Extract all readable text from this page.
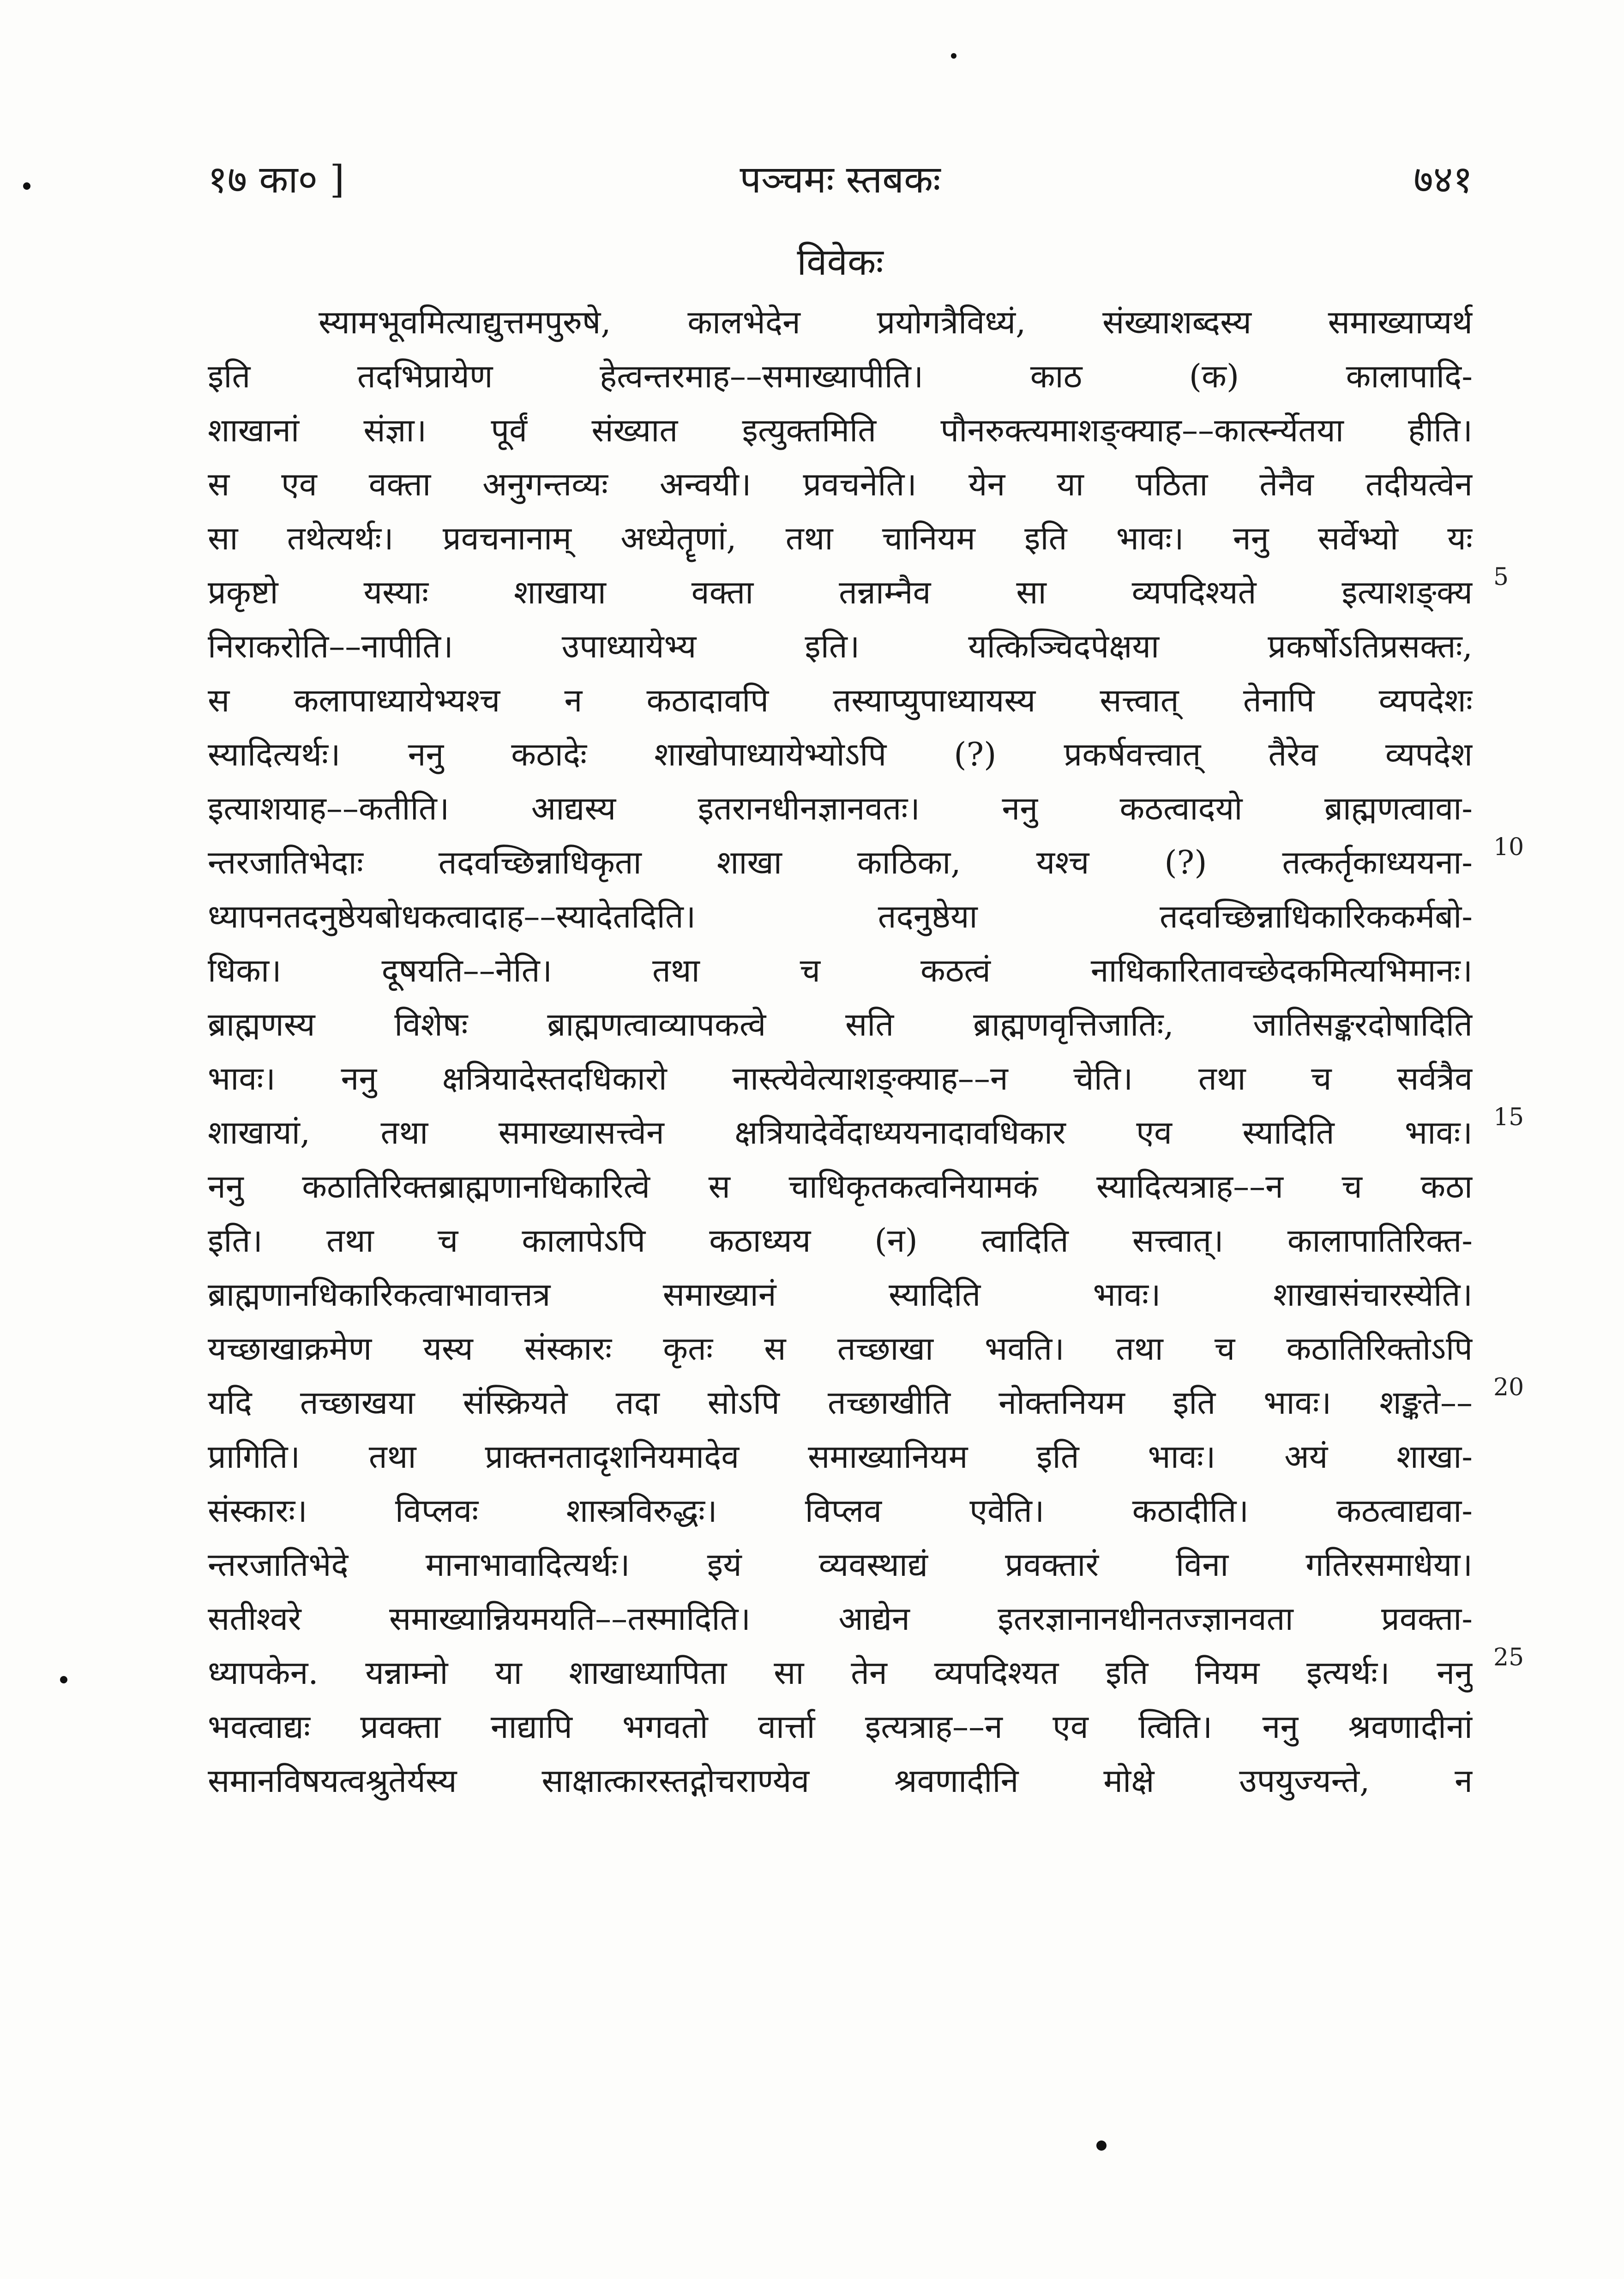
१७ का० ]	पञ्चमः स्तबकः	७४१
विवेकः
स्यामभूवमित्याद्युत्तमपुरुषे, कालभेदेन प्रयोगत्रैविध्यं, संख्याशब्दस्य समाख्याप्यर्थ
इति तदभिप्रायेण हेत्वन्तरमाह––समाख्यापीति। काठ (क) कालापादि-
शाखानां संज्ञा। पूर्वं संख्यात इत्युक्तमिति पौनरुक्त्यमाशङ्क्याह––कार्त्स्न्येतया हीति।
स एव वक्ता अनुगन्तव्यः अन्वयी। प्रवचनेति। येन या पठिता तेनैव तदीयत्वेन
सा तथेत्यर्थः। प्रवचनानाम् अध्येतॄणां, तथा चानियम इति भावः। ननु सर्वेभ्यो यः
प्रकृष्टो यस्याः शाखाया वक्ता तन्नाम्नैव सा व्यपदिश्यते इत्याशङ्क्य
निराकरोति––नापीति। उपाध्यायेभ्य इति। यत्किञ्चिदपेक्षया प्रकर्षोऽतिप्रसक्तः,
स कलापाध्यायेभ्यश्च न कठादावपि तस्याप्युपाध्यायस्य सत्त्वात् तेनापि व्यपदेशः
स्यादित्यर्थः। ननु कठादेः शाखोपाध्यायेभ्योऽपि (?) प्रकर्षवत्त्वात् तैरेव व्यपदेश
इत्याशयाह––कतीति। आद्यस्य इतरानधीनज्ञानवतः। ननु कठत्वादयो ब्राह्मणत्वावा-
न्तरजातिभेदाः तदवच्छिन्नाधिकृता शाखा काठिका, यश्च (?) तत्कर्तृकाध्ययना-
ध्यापनतदनुष्ठेयबोधकत्वादाह––स्यादेतदिति। तदनुष्ठेया तदवच्छिन्नाधिकारिककर्मबो-
धिका। दूषयति––नेति। तथा च कठत्वं नाधिकारितावच्छेदकमित्यभिमानः।
ब्राह्मणस्य विशेषः ब्राह्मणत्वाव्यापकत्वे सति ब्राह्मणवृत्तिजातिः, जातिसङ्करदोषादिति
भावः। ननु क्षत्रियादेस्तदधिकारो नास्त्येवेत्याशङ्क्याह––न चेति। तथा च सर्वत्रैव
शाखायां, तथा समाख्यासत्त्वेन क्षत्रियादेर्वेदाध्ययनादावधिकार एव स्यादिति भावः।
ननु कठातिरिक्तब्राह्मणानधिकारित्वे स चाधिकृतकत्वनियामकं स्यादित्यत्राह––न च कठा
इति। तथा च कालापेऽपि कठाध्यय (न) त्वादिति सत्त्वात्। कालापातिरिक्त-
ब्राह्मणानधिकारिकत्वाभावात्तत्र समाख्यानं स्यादिति भावः। शाखासंचारस्येति।
यच्छाखाक्रमेण यस्य संस्कारः कृतः स तच्छाखा भवति। तथा च कठातिरिक्तोऽपि
यदि तच्छाखया संस्क्रियते तदा सोऽपि तच्छाखीति नोक्तनियम इति भावः। शङ्कते––
प्रागिति। तथा प्राक्तनतादृशनियमादेव समाख्यानियम इति भावः। अयं शाखा-
संस्कारः। विप्लवः शास्त्रविरुद्धः। विप्लव एवेति। कठादीति। कठत्वाद्यवा-
न्तरजातिभेदे मानाभावादित्यर्थः। इयं व्यवस्थाद्यं प्रवक्तारं विना गतिरसमाधेया।
सतीश्वरे समाख्यान्नियमयति––तस्मादिति। आद्येन इतरज्ञानानधीनतज्ज्ञानवता प्रवक्ता-
ध्यापकेन. यन्नाम्नो या शाखाध्यापिता सा तेन व्यपदिश्यत इति नियम इत्यर्थः। ननु
भवत्वाद्यः प्रवक्ता नाद्यापि भगवतो वार्त्ता इत्यत्राह––न एव त्विति। ननु श्रवणादीनां
समानविषयत्वश्रुतेर्यस्य साक्षात्कारस्तद्गोचराण्येव श्रवणादीनि मोक्षे उपयुज्यन्ते, न
5
10
15
20
25
